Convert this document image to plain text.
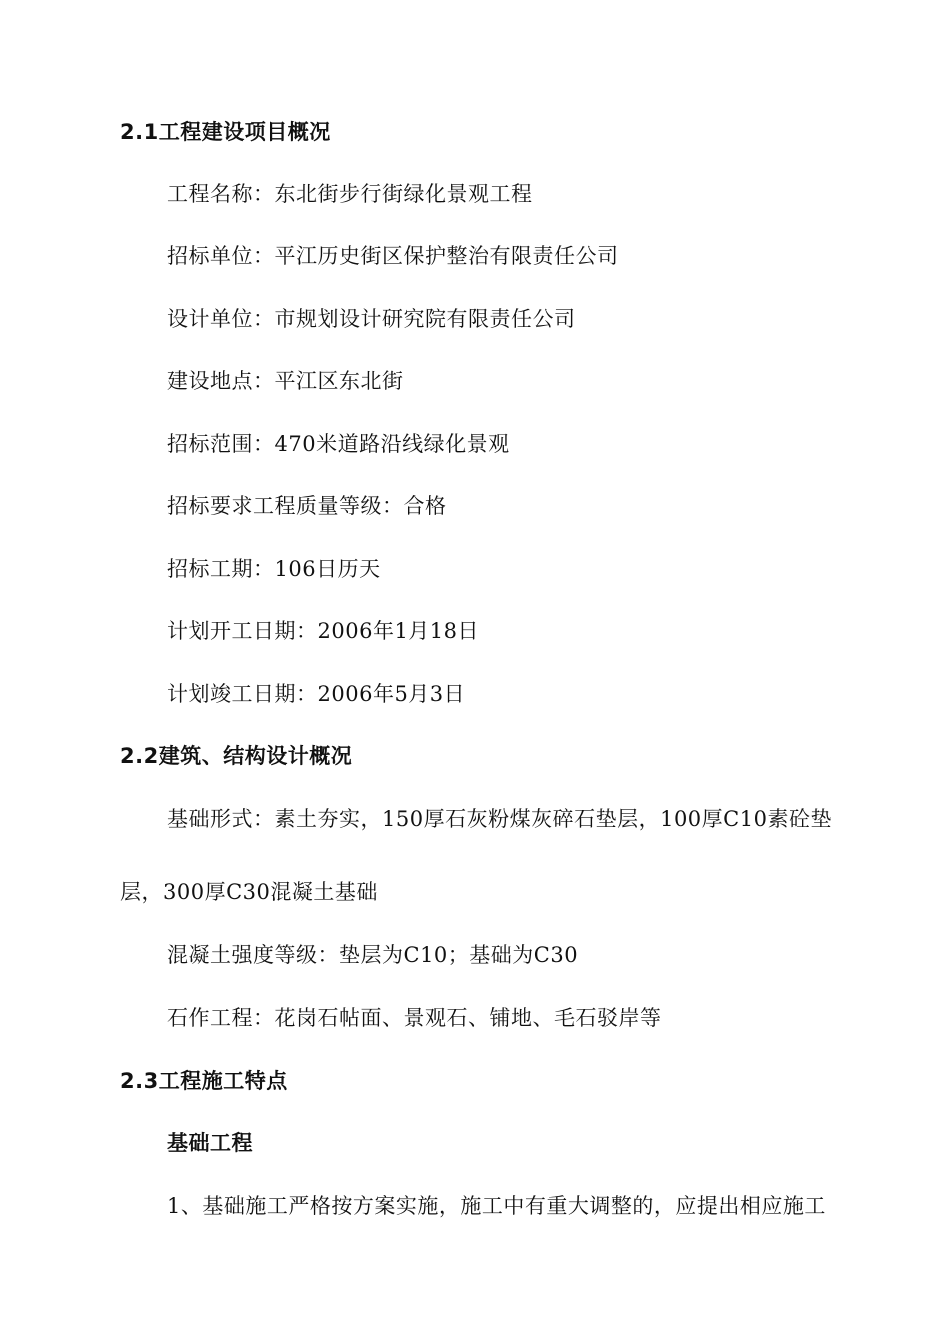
2.1工程建设项目概况
工程名称：东北街步行街绿化景观工程
招标单位：平江历史街区保护整治有限责任公司
设计单位：市规划设计研究院有限责任公司
建设地点：平江区东北街
招标范围：470米道路沿线绿化景观
招标要求工程质量等级：合格
招标工期：106日历天
计划开工日期：2006年1月18日
计划竣工日期：2006年5月3日
2.2建筑、结构设计概况
基础形式：素土夯实，150厚石灰粉煤灰碎石垫层，100厚C10素砼垫
层，300厚C30混凝土基础
混凝土强度等级：垫层为C10；基础为C30
石作工程：花岗石帖面、景观石、铺地、毛石驳岸等
2.3工程施工特点
基础工程
1、基础施工严格按方案实施，施工中有重大调整的，应提出相应施工
